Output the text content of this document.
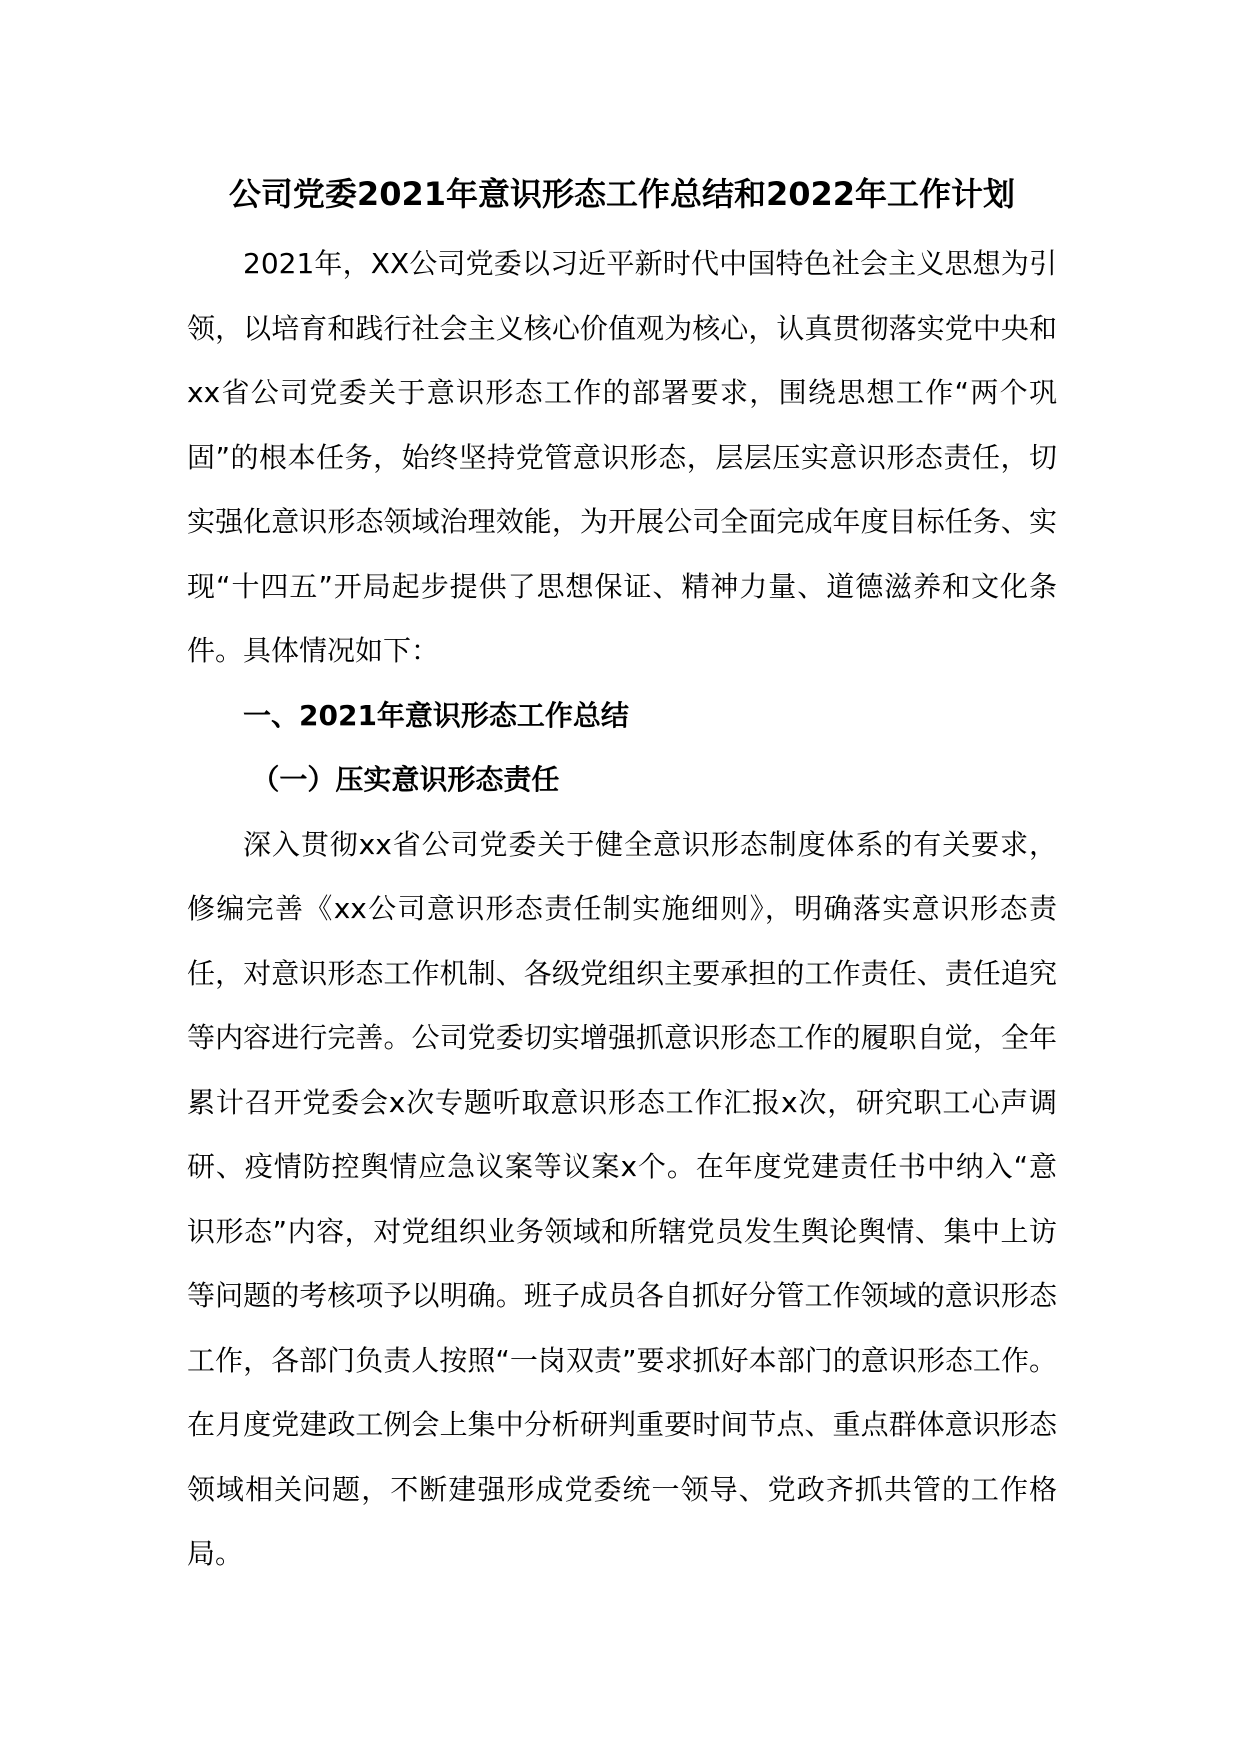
公司党委2021年意识形态工作总结和2022年工作计划

2021年，XX公司党委以习近平新时代中国特色社会主义思想为引领，以培育和践行社会主义核心价值观为核心，认真贯彻落实党中央和xx省公司党委关于意识形态工作的部署要求，围绕思想工作“两个巩固”的根本任务，始终坚持党管意识形态，层层压实意识形态责任，切实强化意识形态领域治理效能，为开展公司全面完成年度目标任务、实现“十四五”开局起步提供了思想保证、精神力量、道德滋养和文化条件。具体情况如下：

一、2021年意识形态工作总结

（一）压实意识形态责任

深入贯彻xx省公司党委关于健全意识形态制度体系的有关要求，修编完善《xx公司意识形态责任制实施细则》，明确落实意识形态责任，对意识形态工作机制、各级党组织主要承担的工作责任、责任追究等内容进行完善。公司党委切实增强抓意识形态工作的履职自觉，全年累计召开党委会x次专题听取意识形态工作汇报x次，研究职工心声调研、疫情防控舆情应急议案等议案x个。在年度党建责任书中纳入“意识形态”内容，对党组织业务领域和所辖党员发生舆论舆情、集中上访等问题的考核项予以明确。班子成员各自抓好分管工作领域的意识形态工作，各部门负责人按照“一岗双责”要求抓好本部门的意识形态工作。在月度党建政工例会上集中分析研判重要时间节点、重点群体意识形态领域相关问题，不断建强形成党委统一领导、党政齐抓共管的工作格局。
